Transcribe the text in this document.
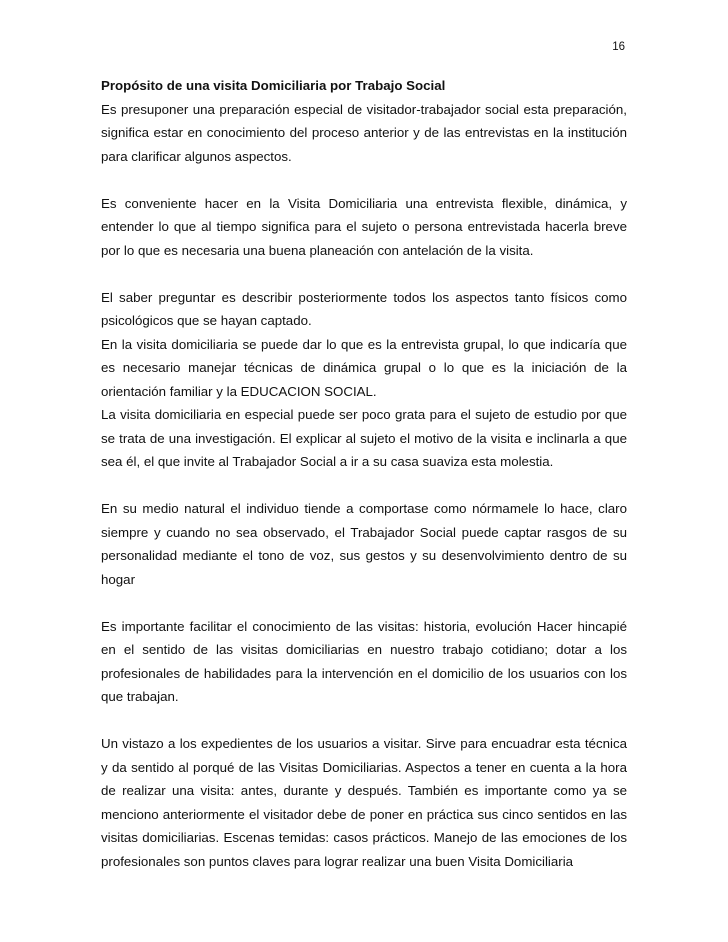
16

Propósito de una visita Domiciliaria por Trabajo Social

Es presuponer una preparación especial de visitador-trabajador social esta preparación, significa estar en conocimiento del proceso anterior y de las entrevistas en la institución para clarificar algunos aspectos.

Es conveniente hacer en la Visita Domiciliaria una entrevista flexible, dinámica, y entender lo que al tiempo significa para el sujeto o persona entrevistada hacerla breve por lo que es necesaria una buena planeación con antelación de la visita.

El saber preguntar es describir posteriormente todos los aspectos tanto físicos como psicológicos que se hayan captado.

En la visita domiciliaria se puede dar lo que es la entrevista grupal, lo que indicaría que es necesario manejar técnicas de dinámica grupal o lo que es la iniciación de la orientación familiar y la EDUCACION SOCIAL.

La visita domiciliaria en especial puede ser poco grata para el sujeto de estudio por que se trata de una investigación. El explicar al sujeto el motivo de la visita e inclinarla a que sea él, el que invite al Trabajador Social a ir a su casa suaviza esta molestia.

En su medio natural el individuo tiende a comportase como nórmamele lo hace, claro siempre y cuando no sea observado, el Trabajador Social puede captar rasgos de su personalidad mediante el tono de voz, sus gestos y su desenvolvimiento dentro de su hogar

Es importante facilitar el conocimiento de las visitas: historia, evolución Hacer hincapié en el sentido de las visitas domiciliarias en nuestro trabajo cotidiano; dotar a los profesionales de habilidades para la intervención en el domicilio de los usuarios con los que trabajan.

Un vistazo a los expedientes de los usuarios a visitar. Sirve para encuadrar esta técnica y da sentido al porqué de las Visitas Domiciliarias. Aspectos a tener en cuenta a la hora de realizar una visita: antes, durante y después. También es importante como ya se menciono anteriormente el visitador debe de poner en práctica sus cinco sentidos en las visitas domiciliarias. Escenas temidas: casos prácticos. Manejo de las emociones de los profesionales son puntos claves para lograr realizar una buen Visita Domiciliaria
